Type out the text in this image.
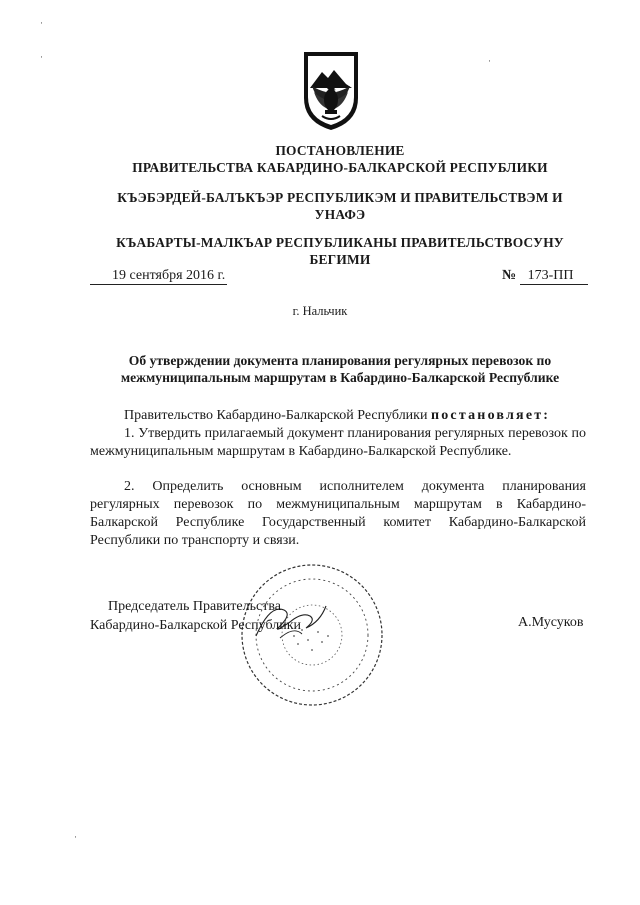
ПОСТАНОВЛЕНИЕ
ПРАВИТЕЛЬСТВА КАБАРДИНО-БАЛКАРСКОЙ РЕСПУБЛИКИ
КЪЭБЭРДЕЙ-БАЛЪКЪЭР РЕСПУБЛИКЭМ И ПРАВИТЕЛЬСТВЭМ И
УНАФЭ
КЪАБАРТЫ-МАЛКЪАР РЕСПУБЛИКАНЫ ПРАВИТЕЛЬСТВОСУНУ
БЕГИМИ
19 сентября 2016 г.	№ 173-ПП
г. Нальчик
Об утверждении документа планирования регулярных перевозок по
межмуниципальным маршрутам в Кабардино-Балкарской Республике

Правительство Кабардино-Балкарской Республики постановляет:

1. Утвердить прилагаемый документ планирования регулярных перевозок по межмуниципальным маршрутам в Кабардино-Балкарской Республике.

2. Определить основным исполнителем документа планирования регулярных перевозок по межмуниципальным маршрутам в Кабардино-Балкарской Республике Государственный комитет Кабардино-Балкарской Республики по транспорту и связи.

Председатель Правительства
Кабардино-Балкарской Республики	А.Мусуков
·
·	·
·
